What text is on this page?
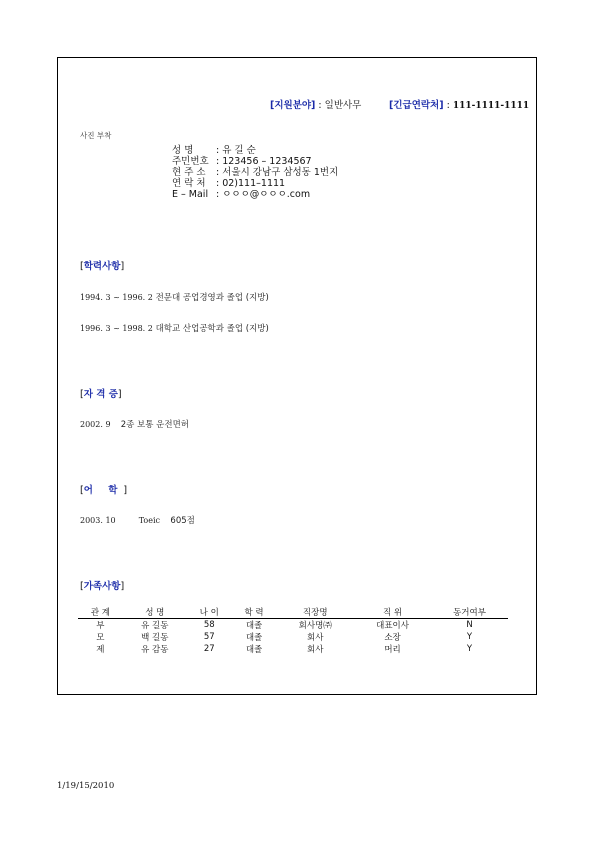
[지원분야] : 일반사무	[긴급연락처] : 111-1111-1111
사진 부착
성 명 : 유 길 순
주민번호 : 123456 – 1234567
현 주 소 : 서울시 강남구 삼성동 1번지
연 락 처 : 02)111–1111
E – Mail : ㅇㅇㅇ@ㅇㅇㅇ.com
[학력사항]
1994. 3 ~ 1996. 2 전문대 공업경영과 졸업 (지방)
1996. 3 ~ 1998. 2 대학교 산업공학과 졸업 (지방)
[자 격 증]
2002. 9 2종 보통 운전면허
[어 학]
2003. 10	Toeic 605점
[가족사항]
관 계	성 명	나 이	학 력	직장명	직 위	동거여부
부	유 길동	58	대졸	회사명㈜	대표이사	N
모	백 길동	57	대졸	회사	소장	Y
제	유 감동	27	대졸	회사	머리	Y
1/19/15/2010
